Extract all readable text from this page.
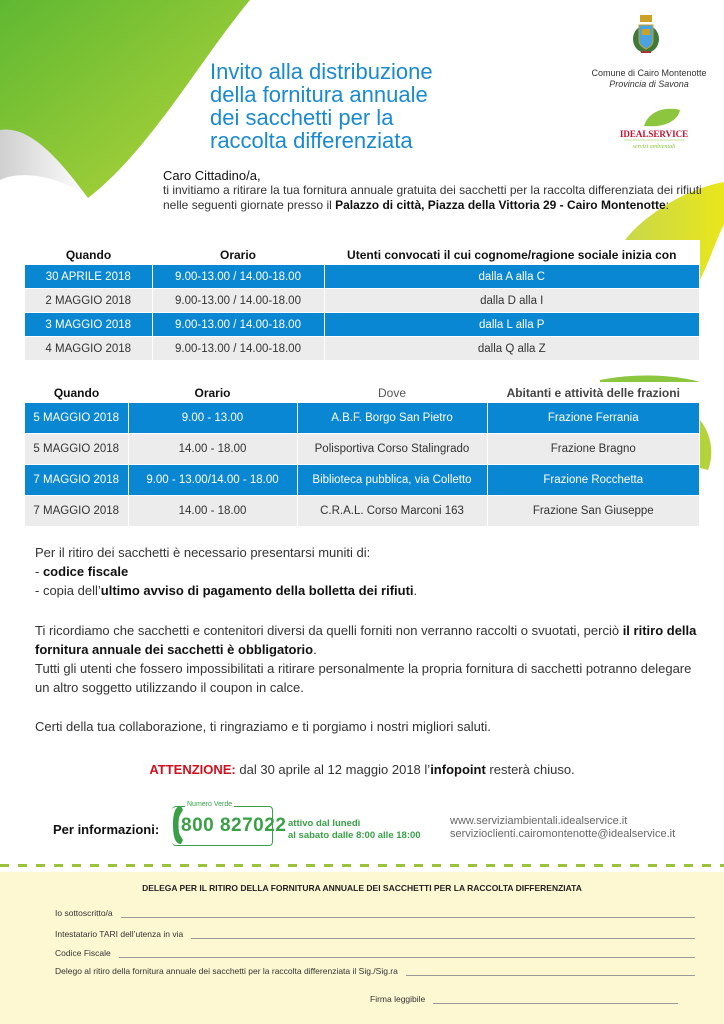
Invito alla distribuzione
della fornitura annuale
dei sacchetti per la
raccolta differenziata
Comune di Cairo Montenotte
Provincia di Savona
IDEALSERVICE
servizi ambientali
Caro Cittadino/a,
ti invitiamo a ritirare la tua fornitura annuale gratuita dei sacchetti per la raccolta differenziata dei rifiuti nelle seguenti giornate presso il Palazzo di città, Piazza della Vittoria 29 - Cairo Montenotte:
Quando	Orario	Utenti convocati il cui cognome/ragione sociale inizia con
30 APRILE 2018	9.00-13.00 / 14.00-18.00	dalla A alla C
2 MAGGIO 2018	9.00-13.00 / 14.00-18.00	dalla D alla I
3 MAGGIO 2018	9.00-13.00 / 14.00-18.00	dalla L alla P
4 MAGGIO 2018	9.00-13.00 / 14.00-18.00	dalla Q alla Z
Quando	Orario	Dove	Abitanti e attività delle frazioni
5 MAGGIO 2018	9.00 - 13.00	A.B.F. Borgo San Pietro	Frazione Ferrania
5 MAGGIO 2018	14.00 - 18.00	Polisportiva Corso Stalingrado	Frazione Bragno
7 MAGGIO 2018	9.00 - 13.00/14.00 - 18.00	Biblioteca pubblica, via Colletto	Frazione Rocchetta
7 MAGGIO 2018	14.00 - 18.00	C.R.A.L. Corso Marconi 163	Frazione San Giuseppe
Per il ritiro dei sacchetti è necessario presentarsi muniti di:
- codice fiscale
- copia dell’ultimo avviso di pagamento della bolletta dei rifiuti.
Ti ricordiamo che sacchetti e contenitori diversi da quelli forniti non verranno raccolti o svuotati, perciò il ritiro della fornitura annuale dei sacchetti è obbligatorio.
Tutti gli utenti che fossero impossibilitati a ritirare personalmente la propria fornitura di sacchetti potranno delegare un altro soggetto utilizzando il coupon in calce.
Certi della tua collaborazione, ti ringraziamo e ti porgiamo i nostri migliori saluti.
ATTENZIONE: dal 30 aprile al 12 maggio 2018 l’infopoint resterà chiuso.
Per informazioni:
Numero Verde
800 827022 attivo dal lunedì
al sabato dalle 8:00 alle 18:00
www.serviziambientali.idealservice.it
servizioclienti.cairomontenotte@idealservice.it
DELEGA PER IL RITIRO DELLA FORNITURA ANNUALE DEI SACCHETTI PER LA RACCOLTA DIFFERENZIATA
Io sottoscritto/a
Intestatario TARI dell’utenza in via
Codice Fiscale
Delego al ritiro della fornitura annuale dei sacchetti per la raccolta differenziata il Sig./Sig.ra
Firma leggibile
